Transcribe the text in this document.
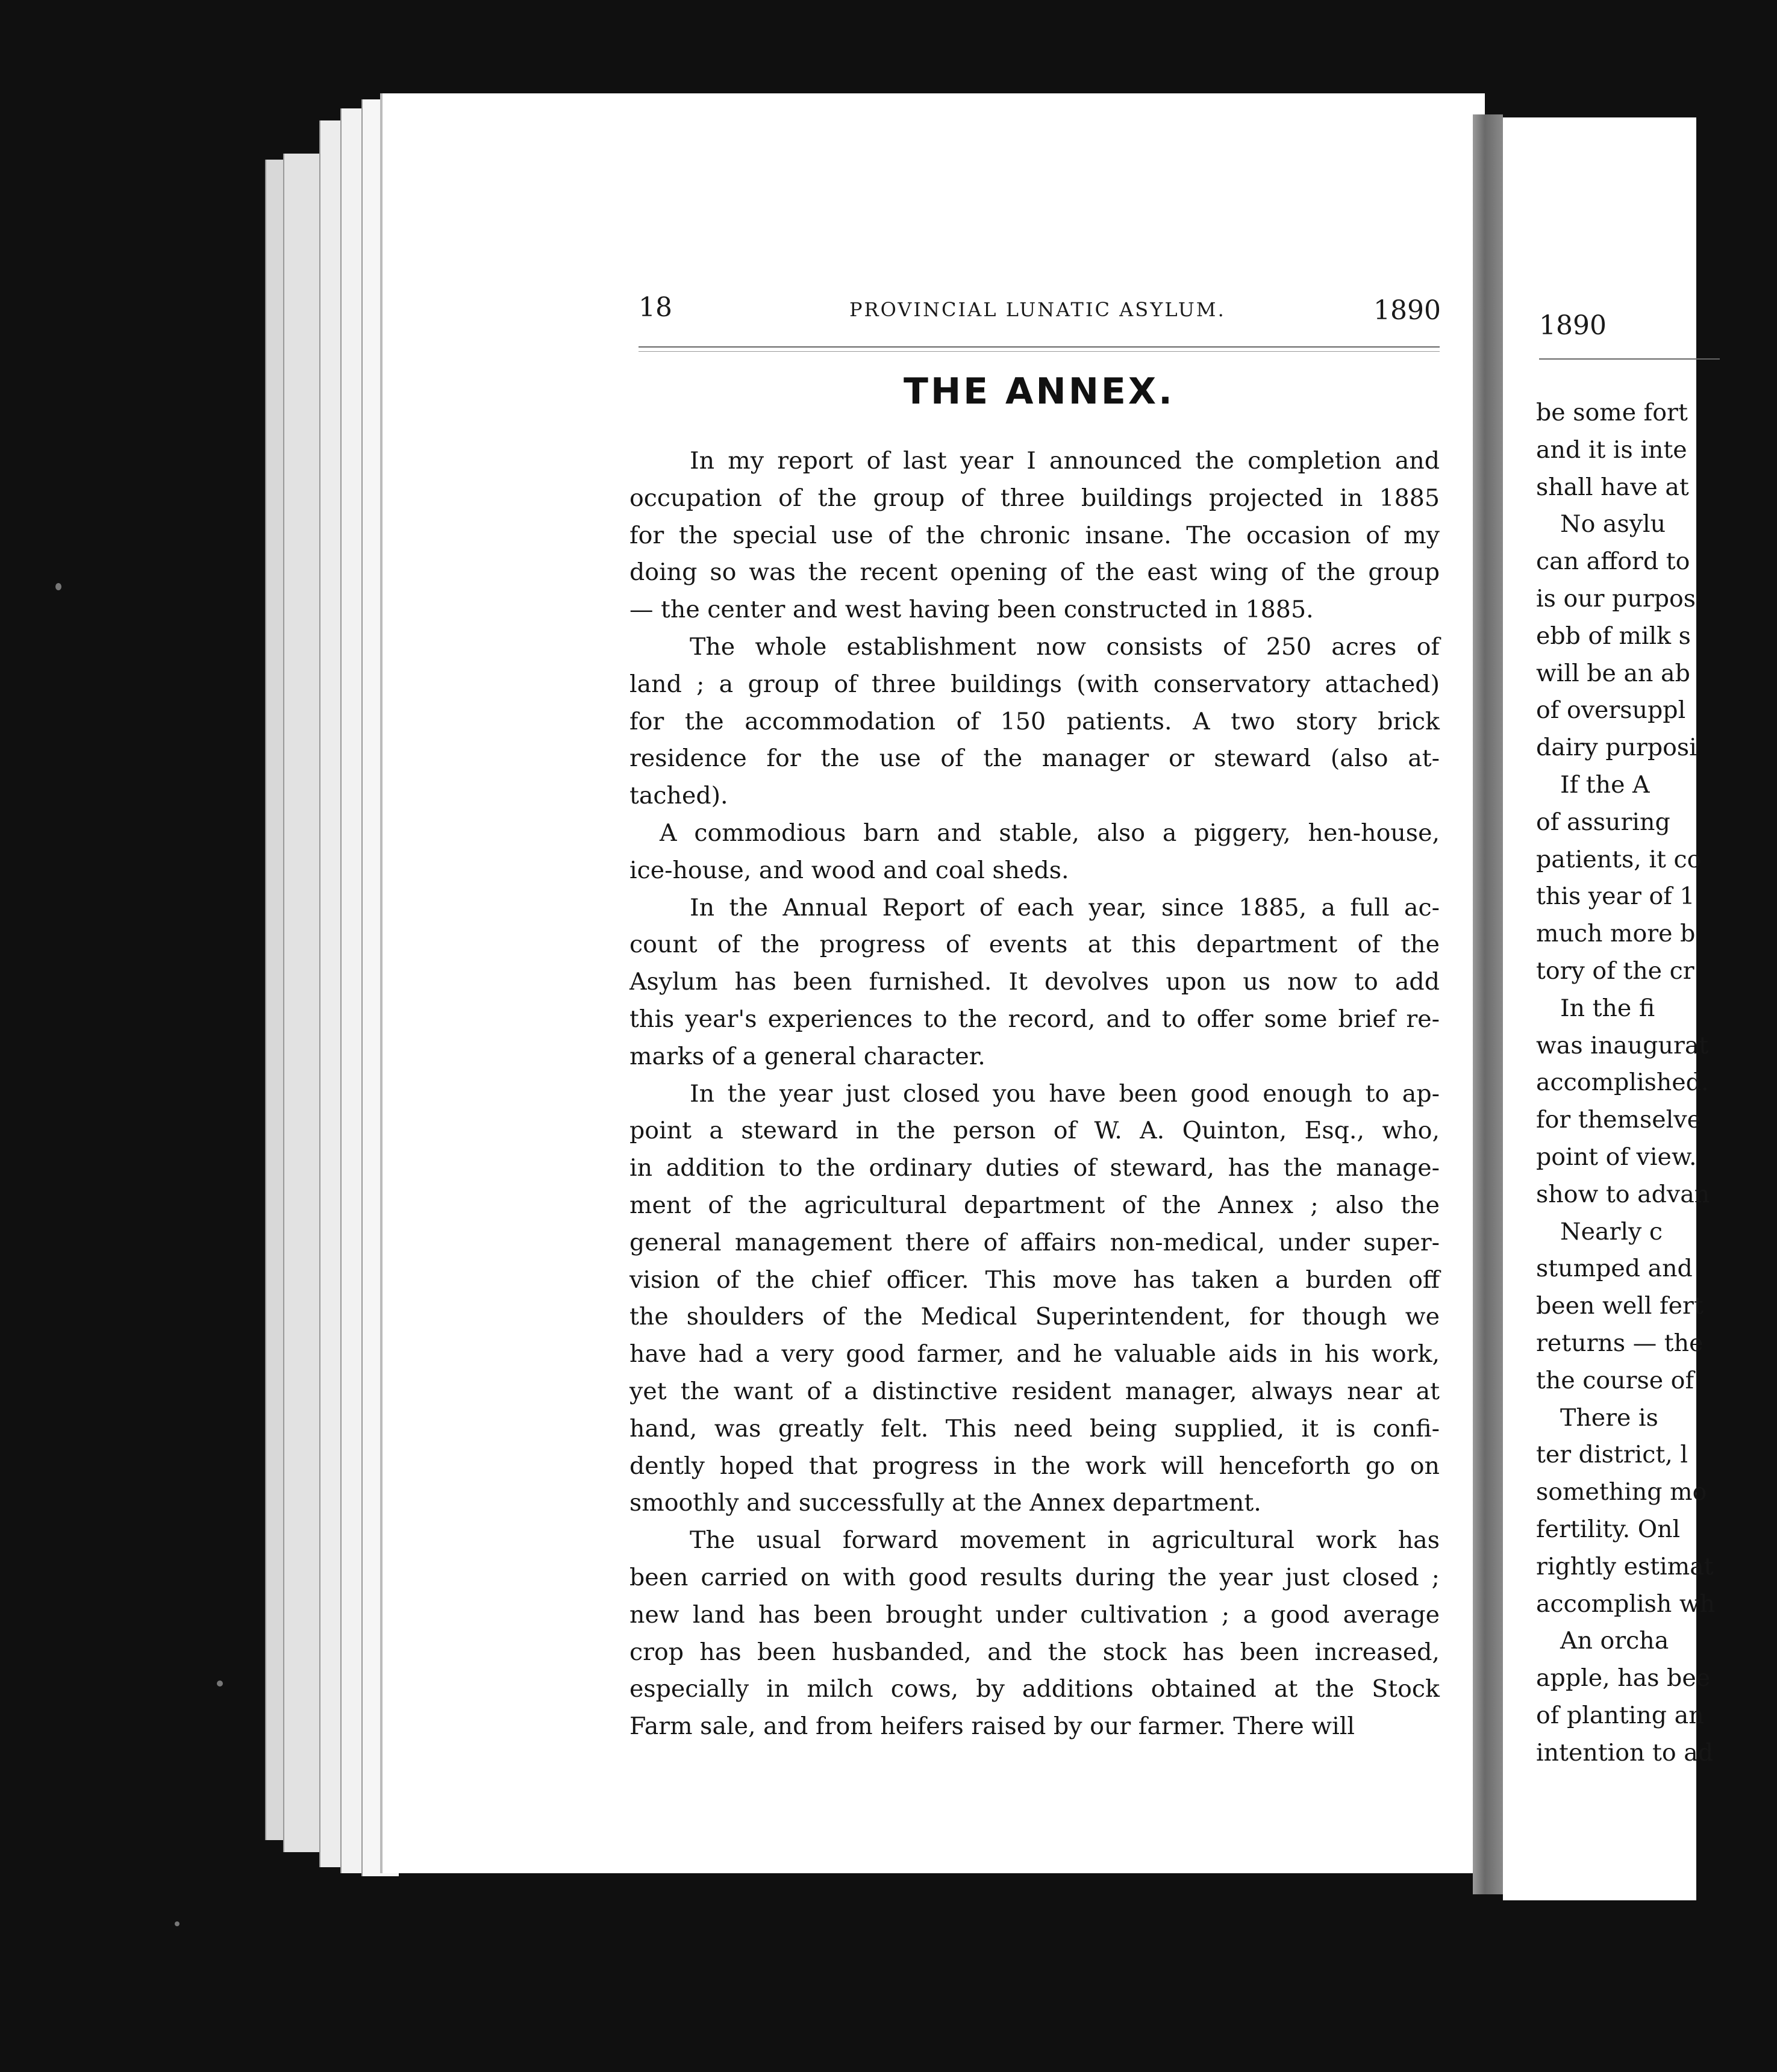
18	PROVINCIAL LUNATIC ASYLUM.	1890
THE ANNEX.
In my report of last year I announced the completion and
occupation of the group of three buildings projected in 1885
for the special use of the chronic insane. The occasion of my
doing so was the recent opening of the east wing of the group
— the center and west having been constructed in 1885.
The whole establishment now consists of 250 acres of
land ; a group of three buildings (with conservatory attached)
for the accommodation of 150 patients. A two story brick
residence for the use of the manager or steward (also at-
tached).
A commodious barn and stable, also a piggery, hen-house,
ice-house, and wood and coal sheds.
In the Annual Report of each year, since 1885, a full ac-
count of the progress of events at this department of the
Asylum has been furnished. It devolves upon us now to add
this year's experiences to the record, and to offer some brief re-
marks of a general character.
In the year just closed you have been good enough to ap-
point a steward in the person of W. A. Quinton, Esq., who,
in addition to the ordinary duties of steward, has the manage-
ment of the agricultural department of the Annex ; also the
general management there of affairs non-medical, under super-
vision of the chief officer. This move has taken a burden off
the shoulders of the Medical Superintendent, for though we
have had a very good farmer, and he valuable aids in his work,
yet the want of a distinctive resident manager, always near at
hand, was greatly felt. This need being supplied, it is confi-
dently hoped that progress in the work will henceforth go on
smoothly and successfully at the Annex department.
The usual forward movement in agricultural work has
been carried on with good results during the year just closed ;
new land has been brought under cultivation ; a good average
crop has been husbanded, and the stock has been increased,
especially in milch cows, by additions obtained at the Stock
Farm sale, and from heifers raised by our farmer. There will
1890
be some fort
and it is inte
shall have at
No asylu
can afford to
is our purpos
ebb of milk s
will be an ab
of oversuppl
dairy purposi
If the A
of assuring
patients, it co
this year of 1
much more b
tory of the cr
In the fi
was inaugurat
accomplished.
for themselve
point of view.
show to advan
Nearly c
stumped and
been well fert
returns — the
the course of
There is
ter district, l
something mo
fertility. Onl
rightly estimat
accomplish wh
An orcha
apple, has bee
of planting an
intention to ad
